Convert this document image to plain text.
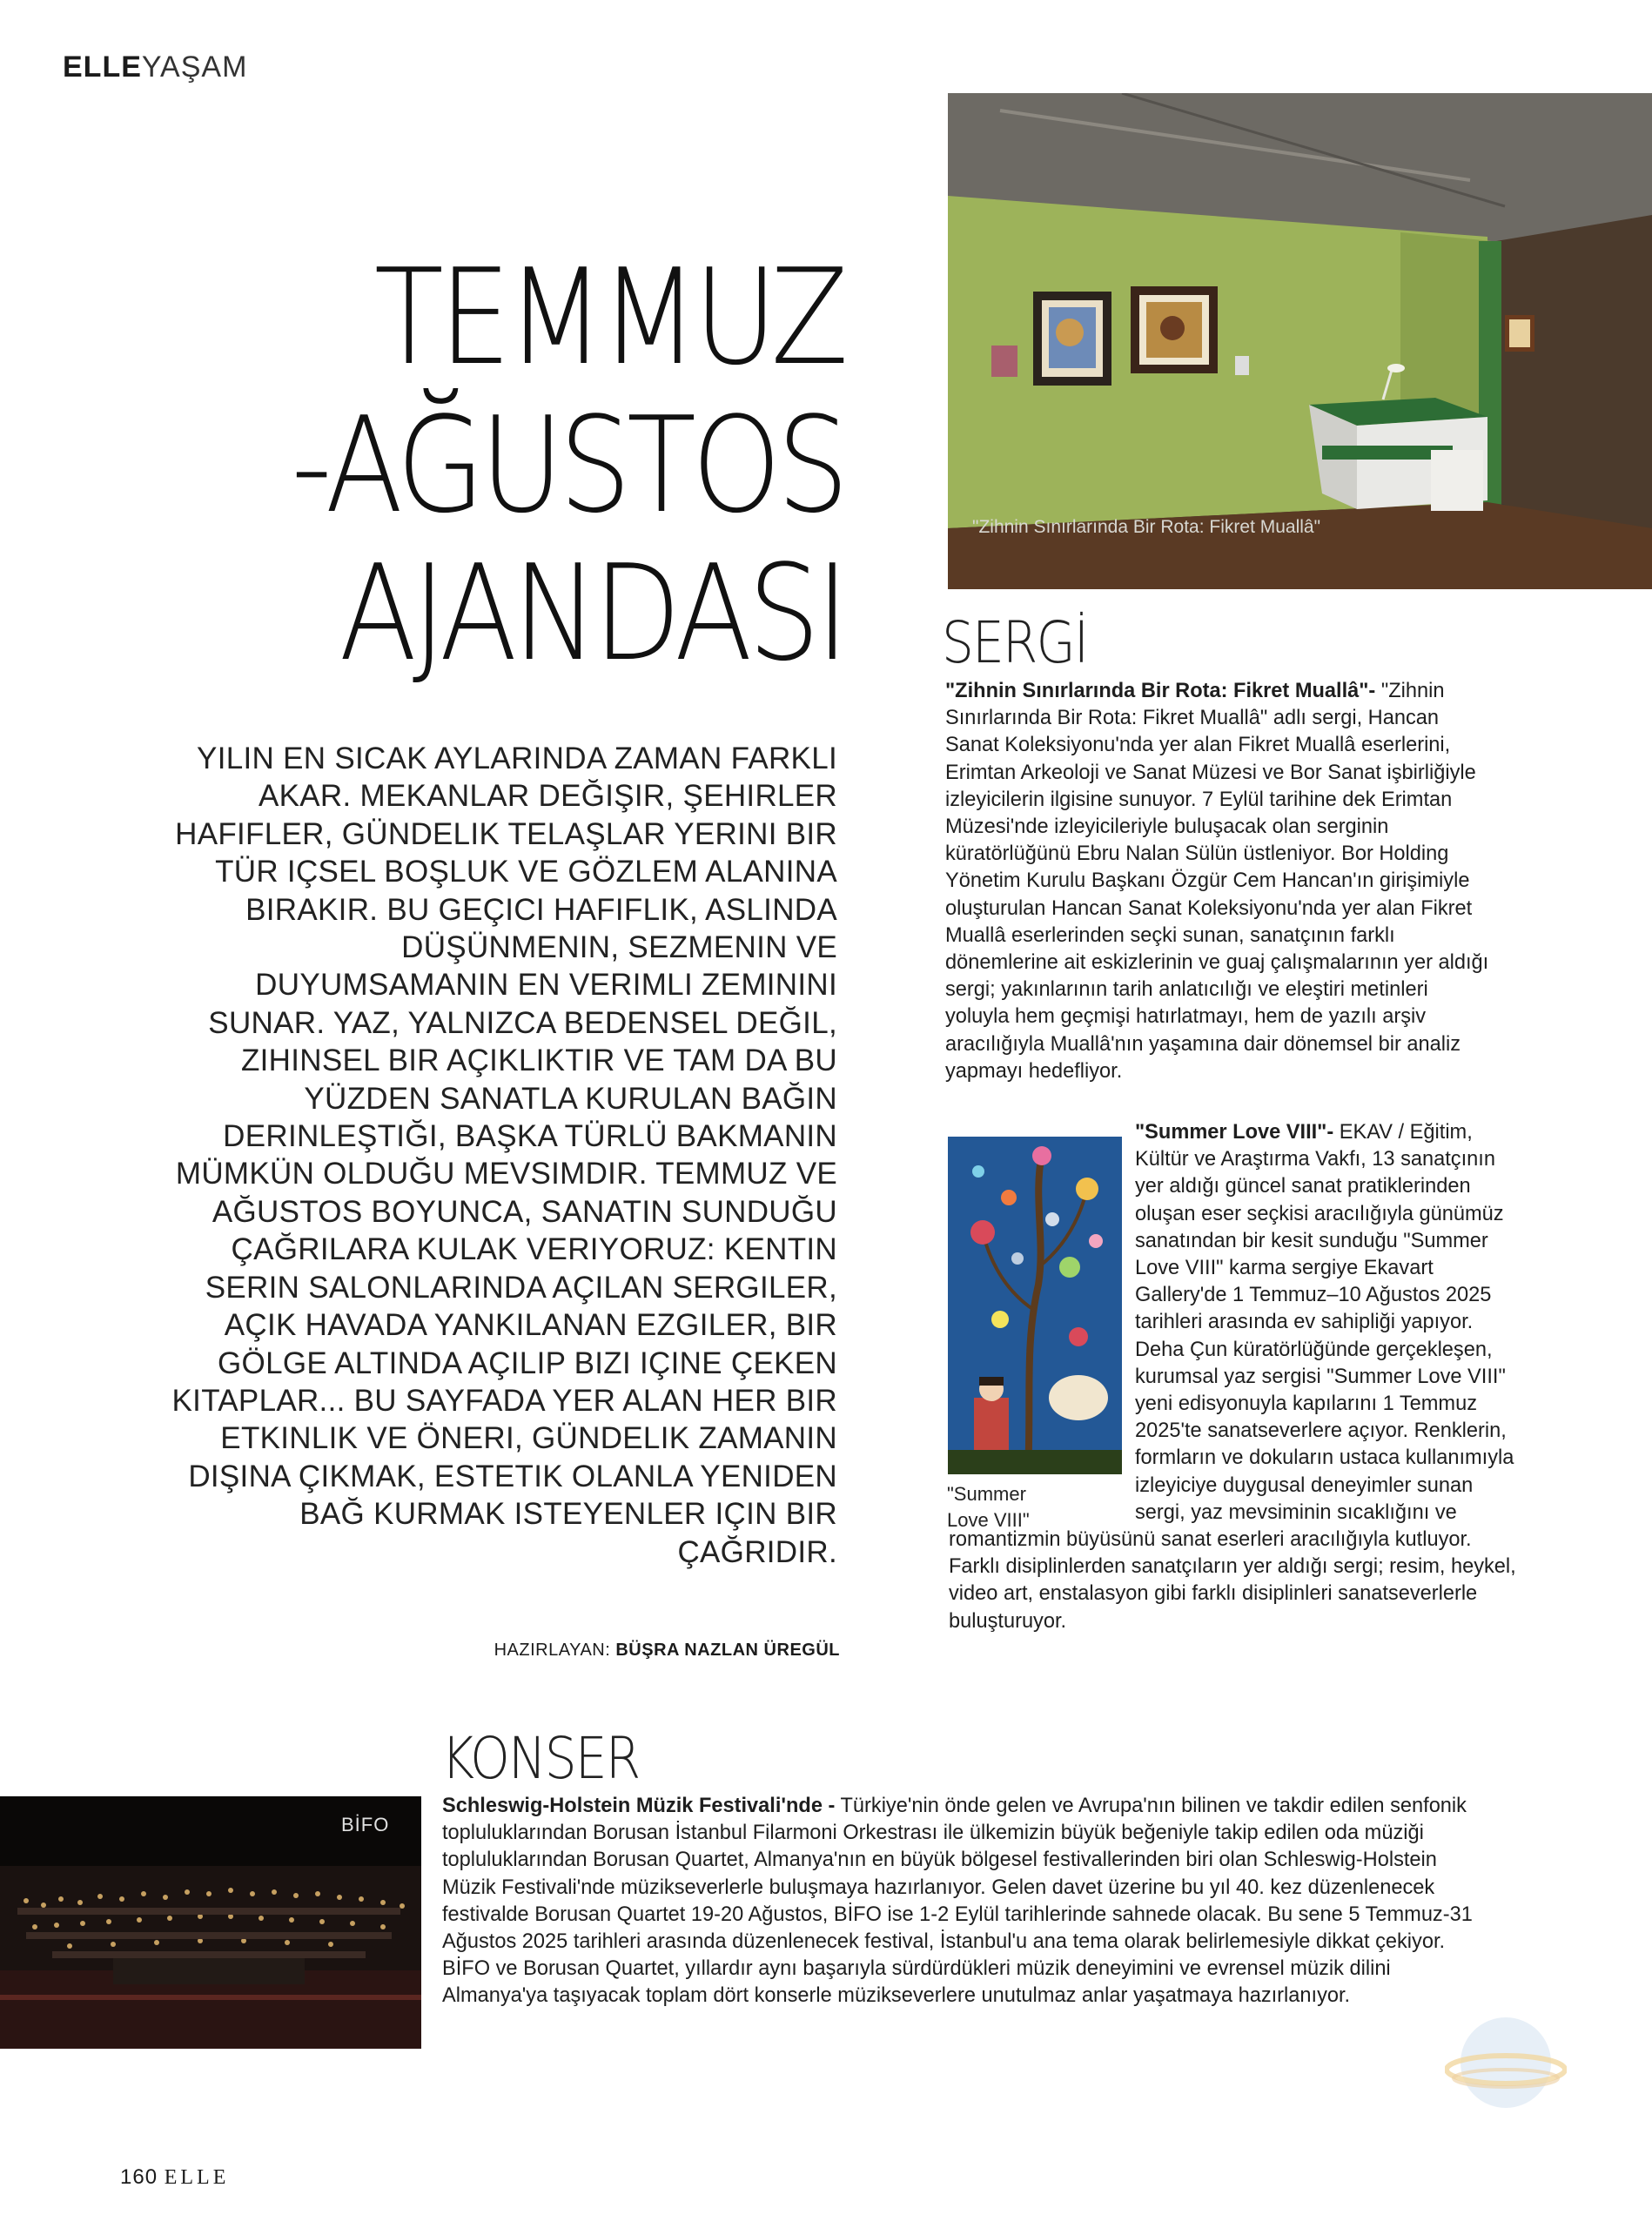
ELLEYAŞAM
TEMMUZ
-AĞUSTOS
AJANDASI
YILIN EN SICAK AYLARINDA ZAMAN FARKLI AKAR. MEKANLAR DEĞIŞIR, ŞEHIRLER HAFIFLER, GÜNDELIK TELAŞLAR YERINI BIR TÜR IÇSEL BOŞLUK VE GÖZLEM ALANINA BIRAKIR. BU GEÇICI HAFIFLIK, ASLINDA DÜŞÜNMENIN, SEZMENIN VE DUYUMSAMANIN EN VERIMLI ZEMININI SUNAR. YAZ, YALNIZCA BEDENSEL DEĞIL, ZIHINSEL BIR AÇIKLIKTIR VE TAM DA BU YÜZDEN SANATLA KURULAN BAĞIN DERINLEŞTIĞI, BAŞKA TÜRLÜ BAKMANIN MÜMKÜN OLDUĞU MEVSIMDIR. TEMMUZ VE AĞUSTOS BOYUNCA, SANATIN SUNDUĞU ÇAĞRILARA KULAK VERIYORUZ: KENTIN SERIN SALONLARINDA AÇILAN SERGILER, AÇIK HAVADA YANKILANAN EZGILER, BIR GÖLGE ALTINDA AÇILIP BIZI IÇINE ÇEKEN KITAPLAR... BU SAYFADA YER ALAN HER BIR ETKINLIK VE ÖNERI, GÜNDELIK ZAMANIN DIŞINA ÇIKMAK, ESTETIK OLANLA YENIDEN BAĞ KURMAK ISTEYENLER IÇIN BIR ÇAĞRIDIR.
HAZIRLAYAN: BÜŞRA NAZLAN ÜREGÜL
"Zihnin Sınırlarında Bir Rota: Fikret Muallâ"
SERGİ
"Zihnin Sınırlarında Bir Rota: Fikret Muallâ"- "Zihnin Sınırlarında Bir Rota: Fikret Muallâ" adlı sergi, Hancan Sanat Koleksiyonu'nda yer alan Fikret Muallâ eserlerini, Erimtan Arkeoloji ve Sanat Müzesi ve Bor Sanat işbirliğiyle izleyicilerin ilgisine sunuyor. 7 Eylül tarihine dek Erimtan Müzesi'nde izleyicileriyle buluşacak olan serginin küratörlüğünü Ebru Nalan Sülün üstleniyor. Bor Holding Yönetim Kurulu Başkanı Özgür Cem Hancan'ın girişimiyle oluşturulan Hancan Sanat Koleksiyonu'nda yer alan Fikret Muallâ eserlerinden seçki sunan, sanatçının farklı dönemlerine ait eskizlerinin ve guaj çalışmalarının yer aldığı sergi; yakınlarının tarih anlatıcılığı ve eleştiri metinleri yoluyla hem geçmişi hatırlatmayı, hem de yazılı arşiv aracılığıyla Muallâ'nın yaşamına dair dönemsel bir analiz yapmayı hedefliyor.
"Summer
Love VIII"
"Summer Love VIII"- EKAV / Eğitim, Kültür ve Araştırma Vakfı, 13 sanatçının yer aldığı güncel sanat pratiklerinden oluşan eser seçkisi aracılığıyla günümüz sanatından bir kesit sunduğu "Summer Love VIII" karma sergiye Ekavart Gallery'de 1 Temmuz–10 Ağustos 2025 tarihleri arasında ev sahipliği yapıyor. Deha Çun küratörlüğünde gerçekleşen, kurumsal yaz sergisi "Summer Love VIII" yeni edisyonuyla kapılarını 1 Temmuz 2025'te sanatseverlere açıyor. Renklerin, formların ve dokuların ustaca kullanımıyla izleyiciye duygusal deneyimler sunan sergi, yaz mevsiminin sıcaklığını ve romantizmin büyüsünü sanat eserleri aracılığıyla kutluyor. Farklı disiplinlerden sanatçıların yer aldığı sergi; resim, heykel, video art, enstalasyon gibi farklı disiplinleri sanatseverlerle buluşturuyor.
KONSER
BİFO
Schleswig-Holstein Müzik Festivali'nde - Türkiye'nin önde gelen ve Avrupa'nın bilinen ve takdir edilen senfonik topluluklarından Borusan İstanbul Filarmoni Orkestrası ile ülkemizin büyük beğeniyle takip edilen oda müziği topluluklarından Borusan Quartet, Almanya'nın en büyük bölgesel festivallerinden biri olan Schleswig-Holstein Müzik Festivali'nde müzikseverlerle buluşmaya hazırlanıyor. Gelen davet üzerine bu yıl 40. kez düzenlenecek festivalde Borusan Quartet 19-20 Ağustos, BİFO ise 1-2 Eylül tarihlerinde sahnede olacak. Bu sene 5 Temmuz-31 Ağustos 2025 tarihleri arasında düzenlenecek festival, İstanbul'u ana tema olarak belirlemesiyle dikkat çekiyor. BİFO ve Borusan Quartet, yıllardır aynı başarıyla sürdürdükleri müzik deneyimini ve evrensel müzik dilini Almanya'ya taşıyacak toplam dört konserle müzikseverlere unutulmaz anlar yaşatmaya hazırlanıyor.
160 ELLE
